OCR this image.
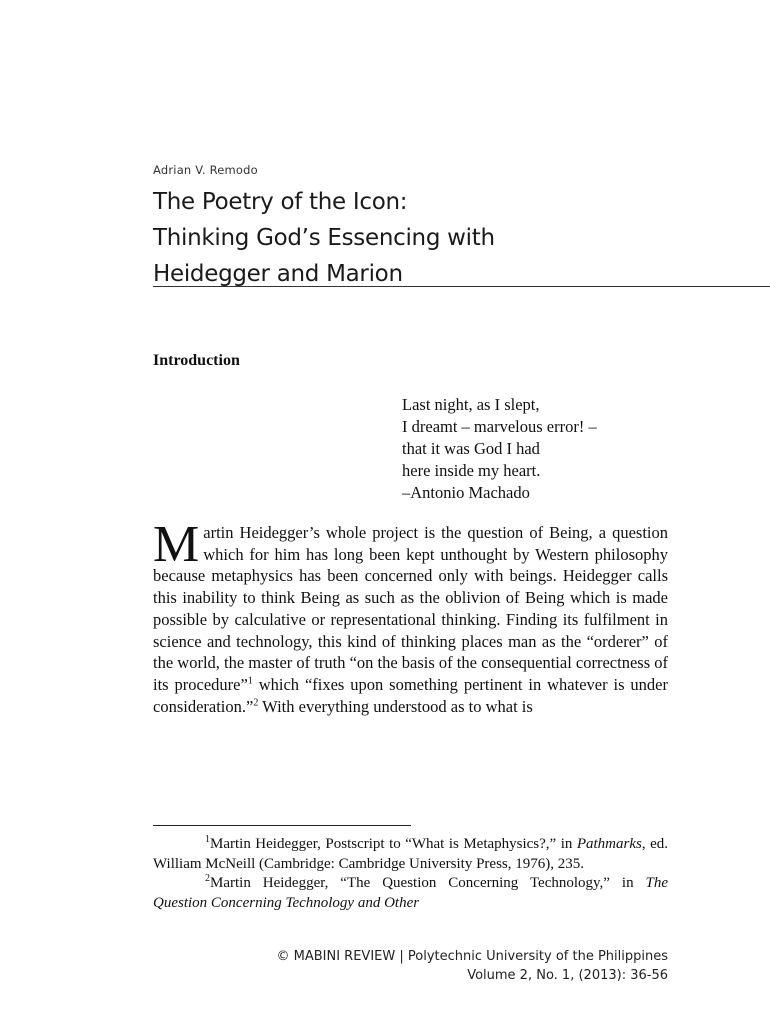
Adrian V. Remodo
The Poetry of the Icon:
Thinking God’s Essencing with
Heidegger and Marion
Introduction
Last night, as I slept,
I dreamt – marvelous error! –
that it was God I had
here inside my heart.
–Antonio Machado
Martin Heidegger’s whole project is the question of Being, a question which for him has long been kept unthought by Western philosophy because metaphysics has been concerned only with beings. Heidegger calls this inability to think Being as such as the oblivion of Being which is made possible by calculative or representational thinking. Finding its fulfilment in science and technology, this kind of thinking places man as the “orderer” of the world, the master of truth “on the basis of the consequential correctness of its procedure”$^1$ which “fixes upon something pertinent in whatever is under consideration.”$^2$ With everything understood as to what is

$^1$Martin Heidegger, Postscript to “What is Metaphysics?,” in Pathmarks, ed. William McNeill (Cambridge: Cambridge University Press, 1976), 235.

$^2$Martin Heidegger, “The Question Concerning Technology,” in The Question Concerning Technology and Other

© MABINI REVIEW | Polytechnic University of the Philippines
Volume 2, No. 1, (2013): 36-56
